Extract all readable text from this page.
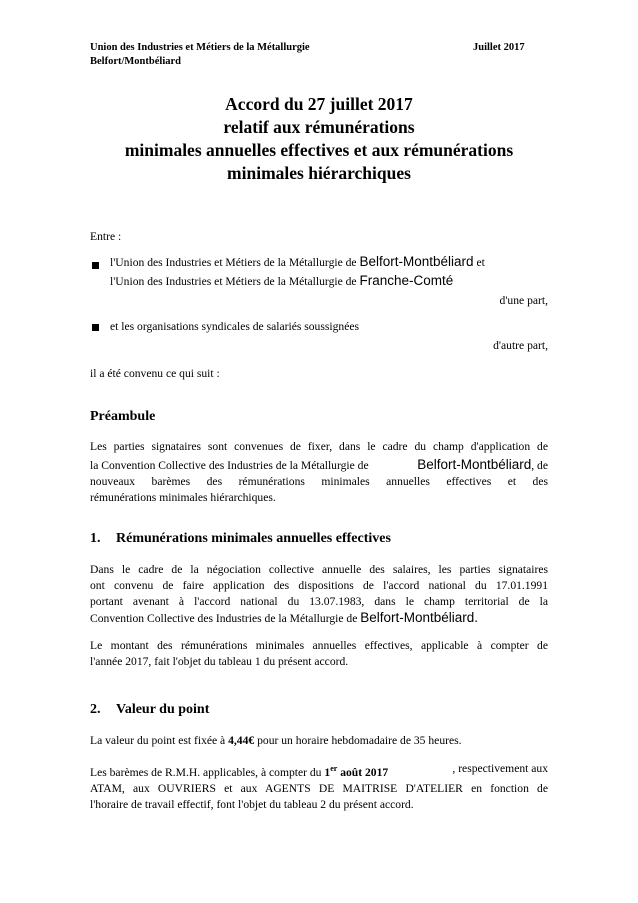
Union des Industries et Métiers de la Métallurgie	Juillet 2017
Belfort/Montbéliard
Accord du 27 juillet 2017
relatif aux rémunérations
minimales annuelles effectives et aux rémunérations
minimales hiérarchiques
Entre :
l'Union des Industries et Métiers de la Métallurgie de Belfort-Montbéliard et
l'Union des Industries et Métiers de la Métallurgie de Franche-Comté
d'une part,
et les organisations syndicales de salariés soussignées
d'autre part,
il a été convenu ce qui suit :
Préambule
Les parties signataires sont convenues de fixer, dans le cadre du champ d'application de
la Convention Collective des Industries de la Métallurgie de	Belfort-Montbéliard, de
nouveaux barèmes des rémunérations minimales annuelles effectives et des
rémunérations minimales hiérarchiques.
1. Rémunérations minimales annuelles effectives
Dans le cadre de la négociation collective annuelle des salaires, les parties signataires
ont convenu de faire application des dispositions de l'accord national du 17.01.1991
portant avenant à l'accord national du 13.07.1983, dans le champ territorial de la
Convention Collective des Industries de la Métallurgie de Belfort-Montbéliard.
Le montant des rémunérations minimales annuelles effectives, applicable à compter de
l'année 2017, fait l'objet du tableau 1 du présent accord.
2. Valeur du point
La valeur du point est fixée à 4,44€ pour un horaire hebdomadaire de 35 heures.
Les barèmes de R.M.H. applicables, à compter du 1er août 2017	, respectivement aux
ATAM, aux OUVRIERS et aux AGENTS DE MAITRISE D'ATELIER en fonction de
l'horaire de travail effectif, font l'objet du tableau 2 du présent accord.
